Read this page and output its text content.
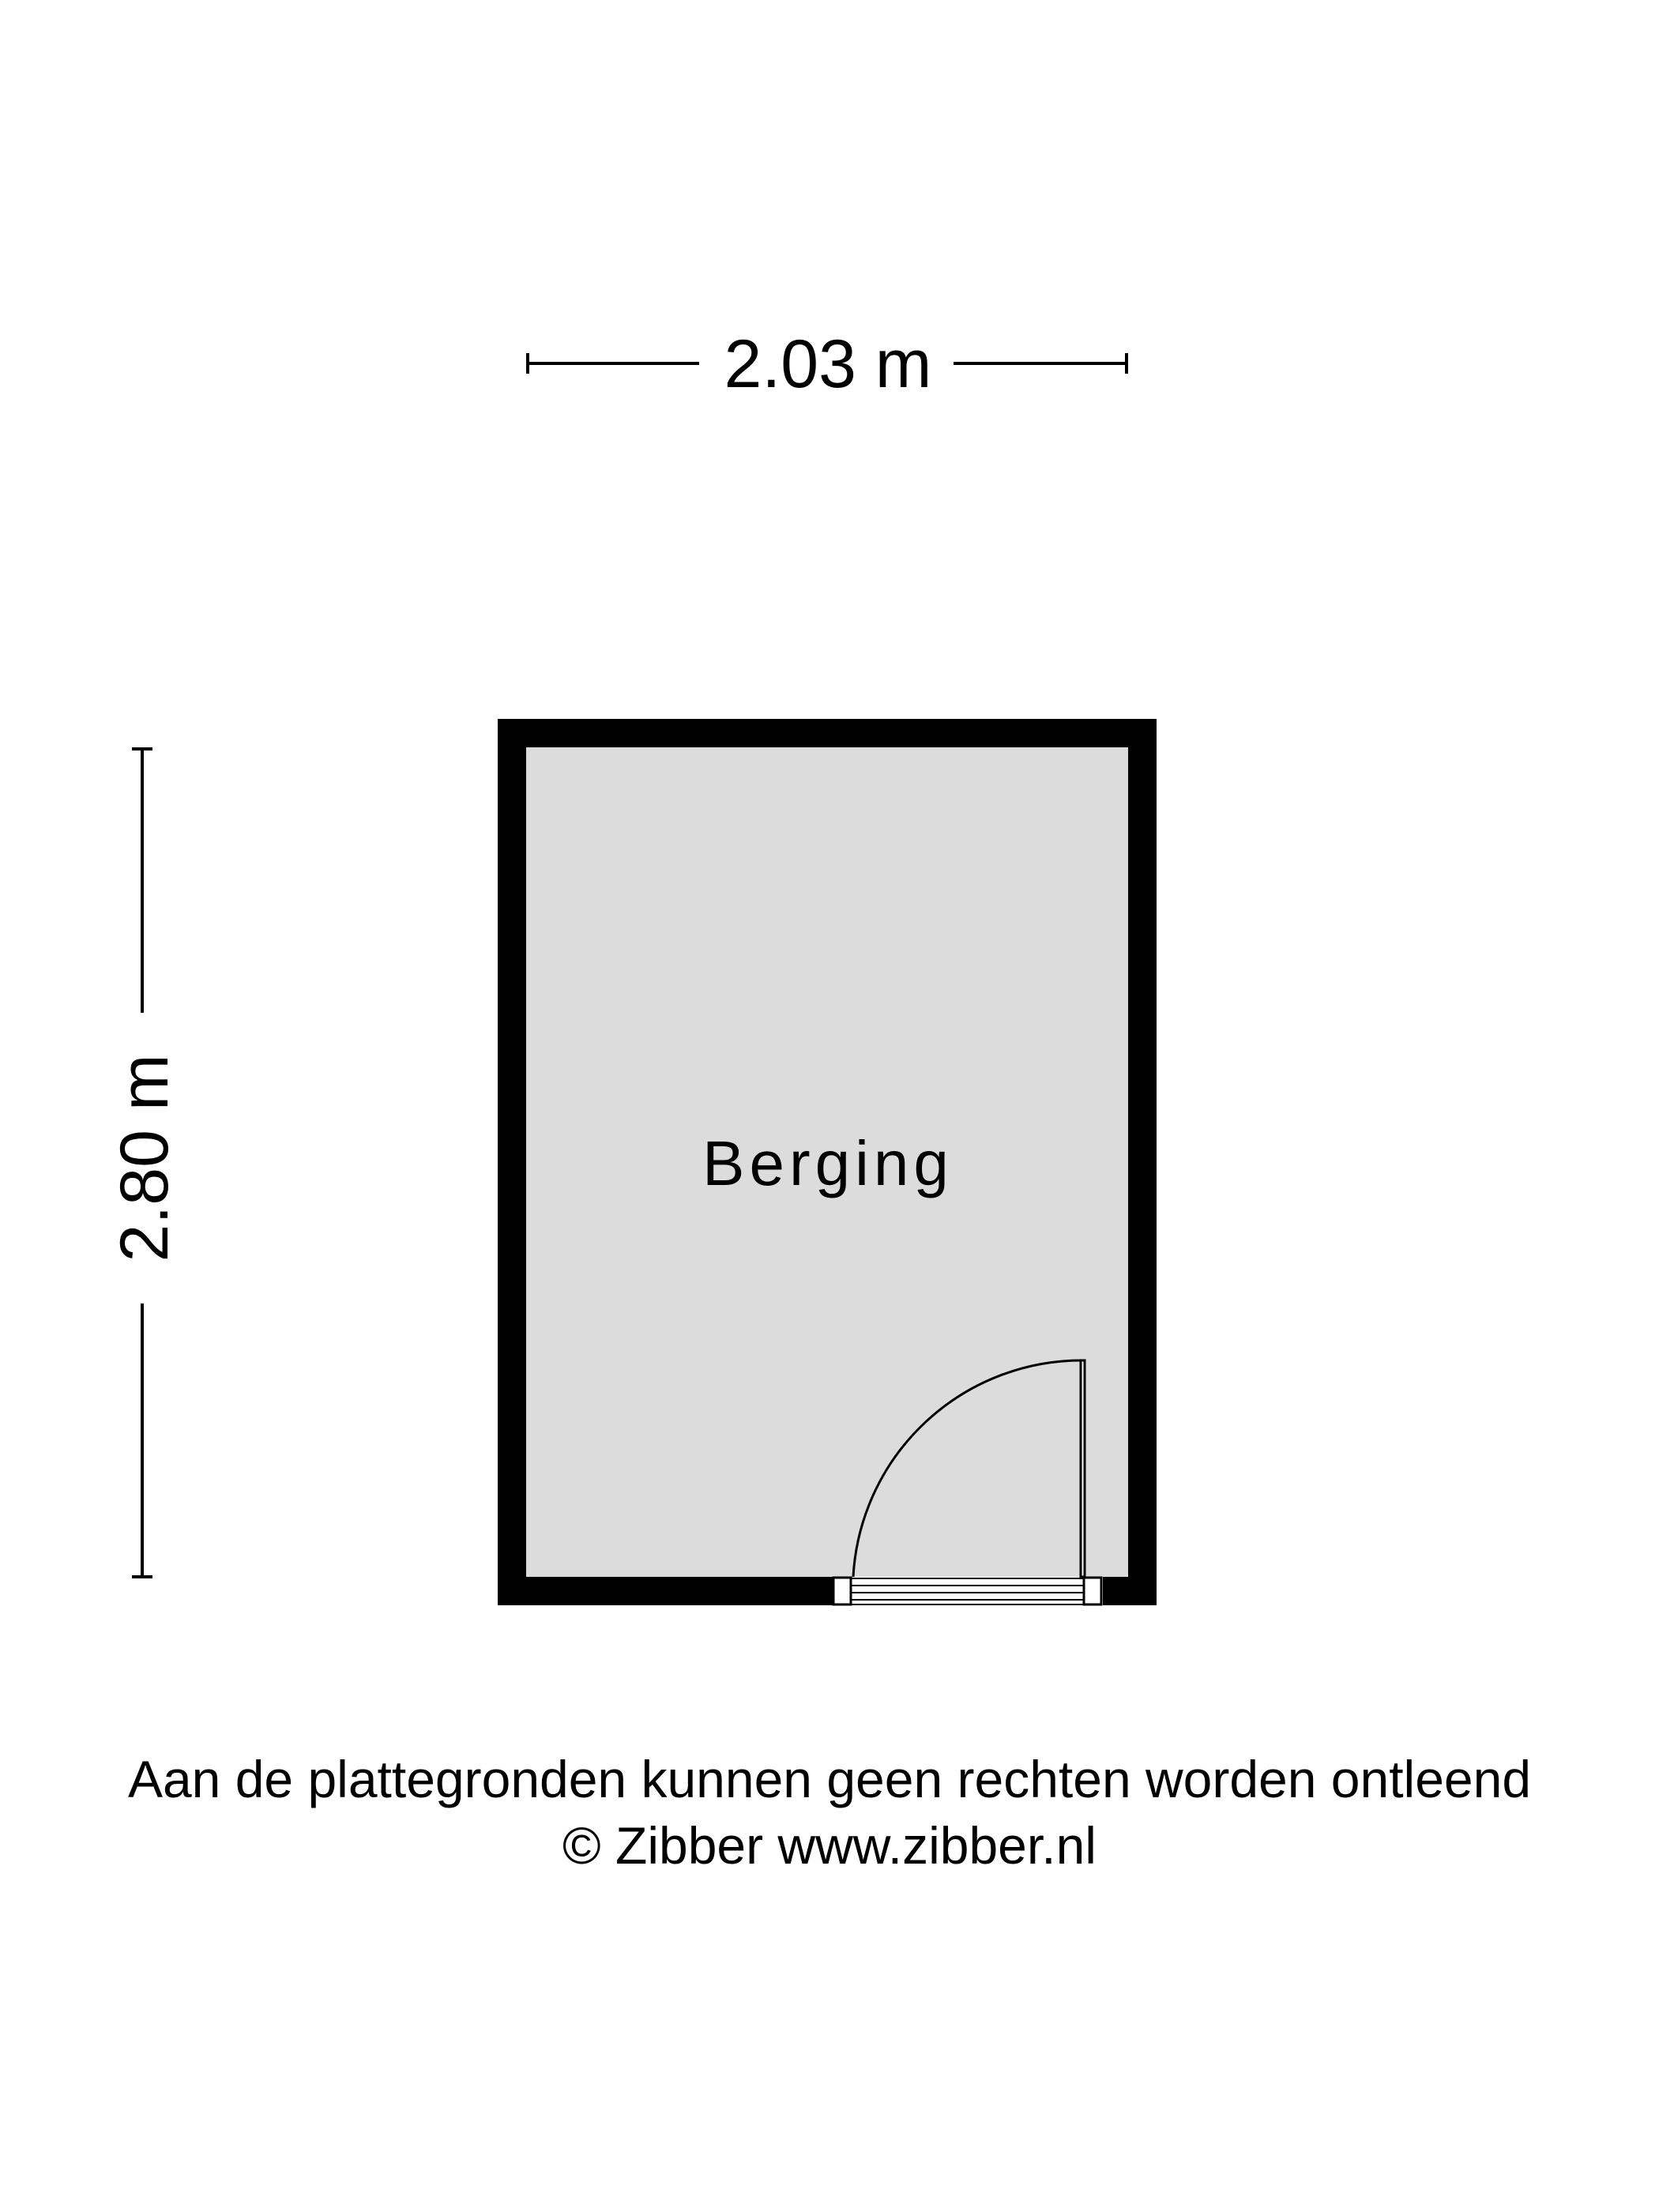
2.03 m
2.80 m	Berging
Aan de plattegronden kunnen geen rechten worden ontleend
© Zibber www.zibber.nl
